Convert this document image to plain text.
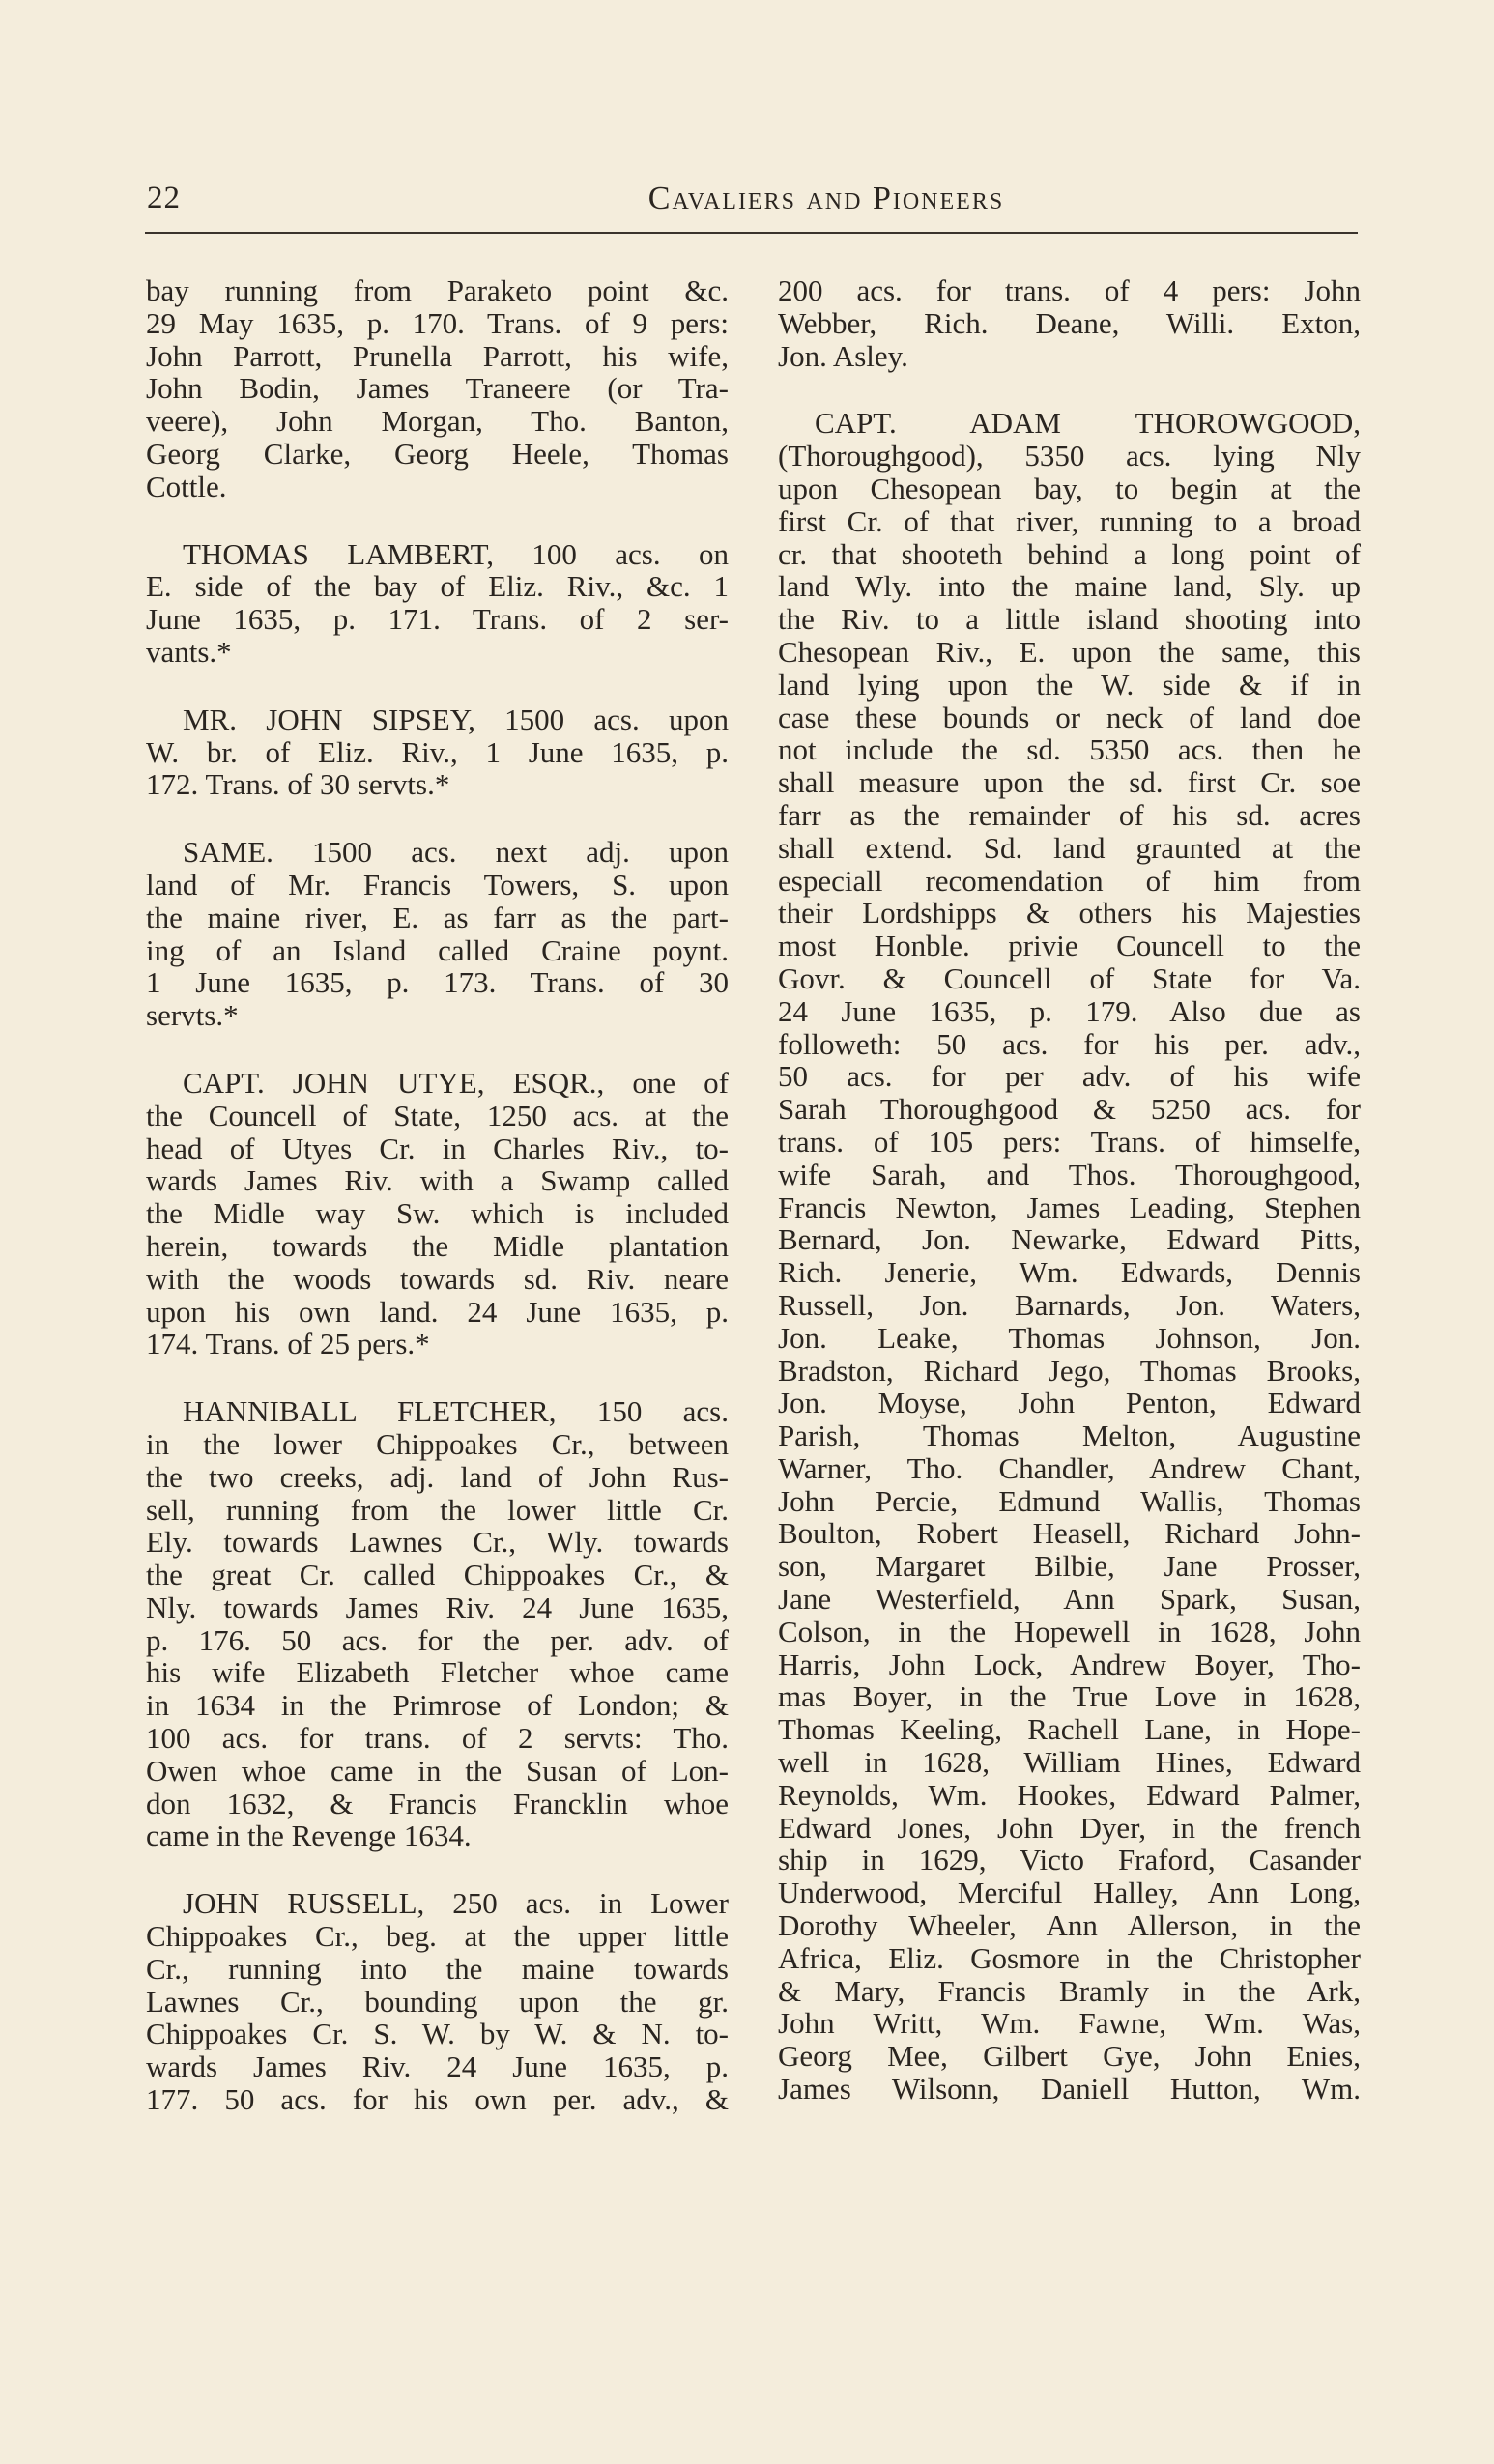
22	Cavaliers and Pioneers
bay running from Paraketo point &c.
29 May 1635, p. 170. Trans. of 9 pers:
John Parrott, Prunella Parrott, his wife,
John Bodin, James Traneere (or Tra-
veere), John Morgan, Tho. Banton,
Georg Clarke, Georg Heele, Thomas
Cottle.
THOMAS LAMBERT, 100 acs. on
E. side of the bay of Eliz. Riv., &c. 1
June 1635, p. 171. Trans. of 2 ser-
vants.*
MR. JOHN SIPSEY, 1500 acs. upon
W. br. of Eliz. Riv., 1 June 1635, p.
172. Trans. of 30 servts.*
SAME. 1500 acs. next adj. upon
land of Mr. Francis Towers, S. upon
the maine river, E. as farr as the part-
ing of an Island called Craine poynt.
1 June 1635, p. 173. Trans. of 30
servts.*
CAPT. JOHN UTYE, ESQR., one of
the Councell of State, 1250 acs. at the
head of Utyes Cr. in Charles Riv., to-
wards James Riv. with a Swamp called
the Midle way Sw. which is included
herein, towards the Midle plantation
with the woods towards sd. Riv. neare
upon his own land. 24 June 1635, p.
174. Trans. of 25 pers.*
HANNIBALL FLETCHER, 150 acs.
in the lower Chippoakes Cr., between
the two creeks, adj. land of John Rus-
sell, running from the lower little Cr.
Ely. towards Lawnes Cr., Wly. towards
the great Cr. called Chippoakes Cr., &
Nly. towards James Riv. 24 June 1635,
p. 176. 50 acs. for the per. adv. of
his wife Elizabeth Fletcher whoe came
in 1634 in the Primrose of London; &
100 acs. for trans. of 2 servts: Tho.
Owen whoe came in the Susan of Lon-
don 1632, & Francis Francklin whoe
came in the Revenge 1634.
JOHN RUSSELL, 250 acs. in Lower
Chippoakes Cr., beg. at the upper little
Cr., running into the maine towards
Lawnes Cr., bounding upon the gr.
Chippoakes Cr. S. W. by W. & N. to-
wards James Riv. 24 June 1635, p.
177. 50 acs. for his own per. adv., &
200 acs. for trans. of 4 pers: John
Webber, Rich. Deane, Willi. Exton,
Jon. Asley.
CAPT. ADAM THOROWGOOD,
(Thoroughgood), 5350 acs. lying Nly
upon Chesopean bay, to begin at the
first Cr. of that river, running to a broad
cr. that shooteth behind a long point of
land Wly. into the maine land, Sly. up
the Riv. to a little island shooting into
Chesopean Riv., E. upon the same, this
land lying upon the W. side & if in
case these bounds or neck of land doe
not include the sd. 5350 acs. then he
shall measure upon the sd. first Cr. soe
farr as the remainder of his sd. acres
shall extend. Sd. land graunted at the
especiall recomendation of him from
their Lordshipps & others his Majesties
most Honble. privie Councell to the
Govr. & Councell of State for Va.
24 June 1635, p. 179. Also due as
followeth: 50 acs. for his per. adv.,
50 acs. for per adv. of his wife
Sarah Thoroughgood & 5250 acs. for
trans. of 105 pers: Trans. of himselfe,
wife Sarah, and Thos. Thoroughgood,
Francis Newton, James Leading, Stephen
Bernard, Jon. Newarke, Edward Pitts,
Rich. Jenerie, Wm. Edwards, Dennis
Russell, Jon. Barnards, Jon. Waters,
Jon. Leake, Thomas Johnson, Jon.
Bradston, Richard Jego, Thomas Brooks,
Jon. Moyse, John Penton, Edward
Parish, Thomas Melton, Augustine
Warner, Tho. Chandler, Andrew Chant,
John Percie, Edmund Wallis, Thomas
Boulton, Robert Heasell, Richard John-
son, Margaret Bilbie, Jane Prosser,
Jane Westerfield, Ann Spark, Susan,
Colson, in the Hopewell in 1628, John
Harris, John Lock, Andrew Boyer, Tho-
mas Boyer, in the True Love in 1628,
Thomas Keeling, Rachell Lane, in Hope-
well in 1628, William Hines, Edward
Reynolds, Wm. Hookes, Edward Palmer,
Edward Jones, John Dyer, in the french
ship in 1629, Victo Fraford, Casander
Underwood, Merciful Halley, Ann Long,
Dorothy Wheeler, Ann Allerson, in the
Africa, Eliz. Gosmore in the Christopher
& Mary, Francis Bramly in the Ark,
John Writt, Wm. Fawne, Wm. Was,
Georg Mee, Gilbert Gye, John Enies,
James Wilsonn, Daniell Hutton, Wm.
